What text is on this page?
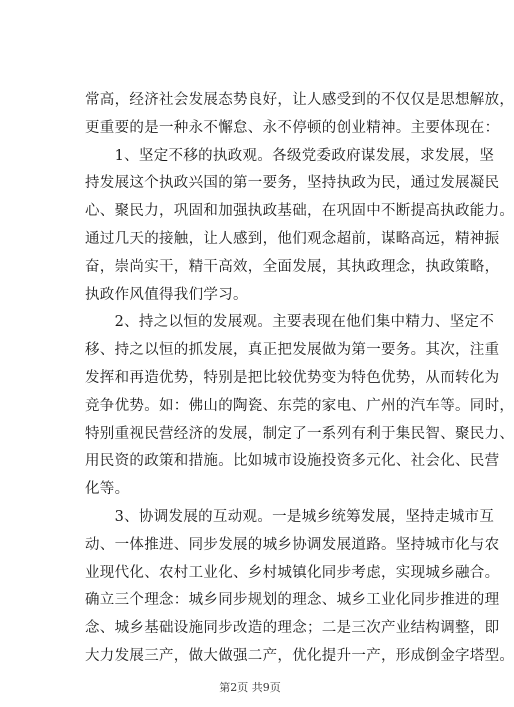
常高，经济社会发展态势良好，让人感受到的不仅仅是思想解放，
更重要的是一种永不懈怠、永不停顿的创业精神。主要体现在：
　　1、坚定不移的执政观。各级党委政府谋发展，求发展，坚
持发展这个执政兴国的第一要务，坚持执政为民，通过发展凝民
心、聚民力，巩固和加强执政基础，在巩固中不断提高执政能力。
通过几天的接触，让人感到，他们观念超前，谋略高远，精神振
奋，崇尚实干，精干高效，全面发展，其执政理念，执政策略，
执政作风值得我们学习。
　　2、持之以恒的发展观。主要表现在他们集中精力、坚定不
移、持之以恒的抓发展，真正把发展做为第一要务。其次，注重
发挥和再造优势，特别是把比较优势变为特色优势，从而转化为
竞争优势。如：佛山的陶瓷、东莞的家电、广州的汽车等。同时，
特别重视民营经济的发展，制定了一系列有利于集民智、聚民力、
用民资的政策和措施。比如城市设施投资多元化、社会化、民营
化等。
　　3、协调发展的互动观。一是城乡统筹发展，坚持走城市互
动、一体推进、同步发展的城乡协调发展道路。坚持城市化与农
业现代化、农村工业化、乡村城镇化同步考虑，实现城乡融合。
确立三个理念：城乡同步规划的理念、城乡工业化同步推进的理
念、城乡基础设施同步改造的理念；二是三次产业结构调整，即
大力发展三产，做大做强二产，优化提升一产，形成倒金字塔型。
第2页 共9页
